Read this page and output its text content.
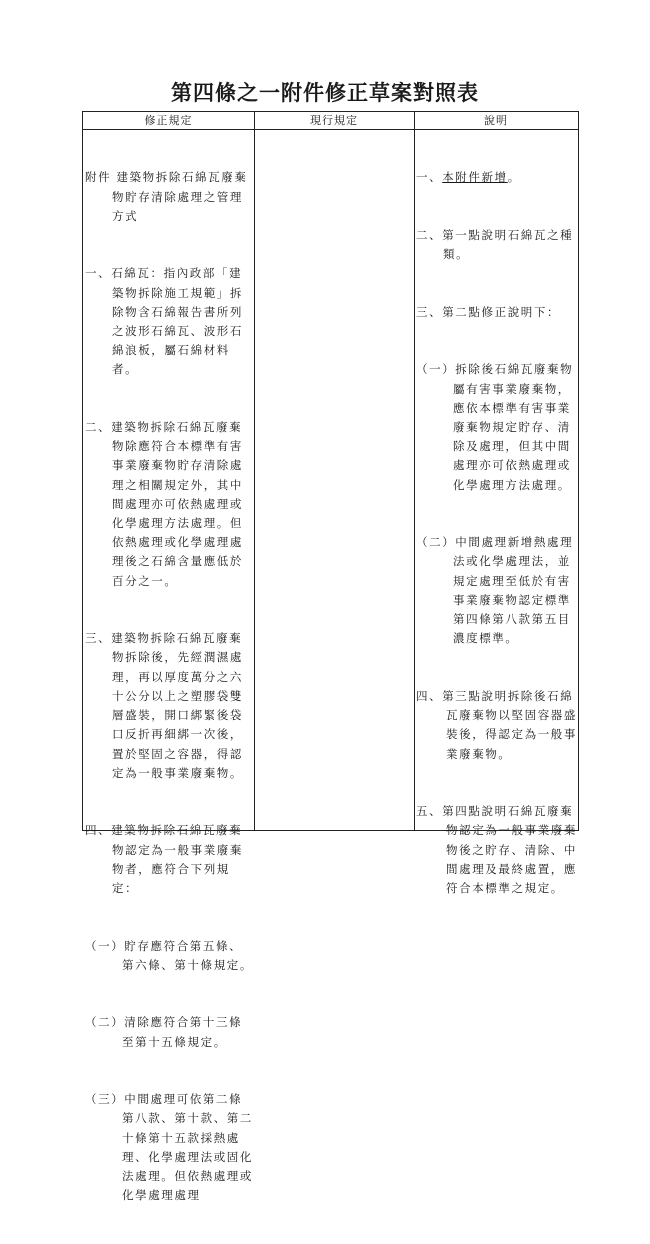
第四條之一附件修正草案對照表
修正規定	現行規定	說明

附件 建築物拆除石綿瓦廢棄物貯存清除處理之管理方式

一、石綿瓦：指內政部「建築物拆除施工規範」拆除物含石綿報告書所列之波形石綿瓦、波形石綿浪板，屬石綿材料者。

二、建築物拆除石綿瓦廢棄物除應符合本標準有害事業廢棄物貯存清除處理之相關規定外，其中間處理亦可依熱處理或化學處理方法處理。但依熱處理或化學處理處理後之石綿含量應低於百分之一。

三、建築物拆除石綿瓦廢棄物拆除後，先經潤濕處理，再以厚度萬分之六十公分以上之塑膠袋雙層盛裝，開口綁緊後袋口反折再細綁一次後，置於堅固之容器，得認定為一般事業廢棄物。

四、建築物拆除石綿瓦廢棄物認定為一般事業廢棄物者，應符合下列規定：

（一）貯存應符合第五條、第六條、第十條規定。

（二）清除應符合第十三條至第十五條規定。

（三）中間處理可依第二條第八款、第十款、第二十條第十五款採熱處理、化學處理法或固化法處理。但依熱處理或化學處理處理

一、本附件新增。

二、第一點說明石綿瓦之種類。

三、第二點修正說明下：

（一）拆除後石綿瓦廢棄物屬有害事業廢棄物，應依本標準有害事業廢棄物規定貯存、清除及處理，但其中間處理亦可依熱處理或化學處理方法處理。

（二）中間處理新增熱處理法或化學處理法，並規定處理至低於有害事業廢棄物認定標準第四條第八款第五目濃度標準。

四、第三點說明拆除後石綿瓦廢棄物以堅固容器盛裝後，得認定為一般事業廢棄物。

五、第四點說明石綿瓦廢棄物認定為一般事業廢棄物後之貯存、清除、中間處理及最終處置，應符合本標準之規定。
